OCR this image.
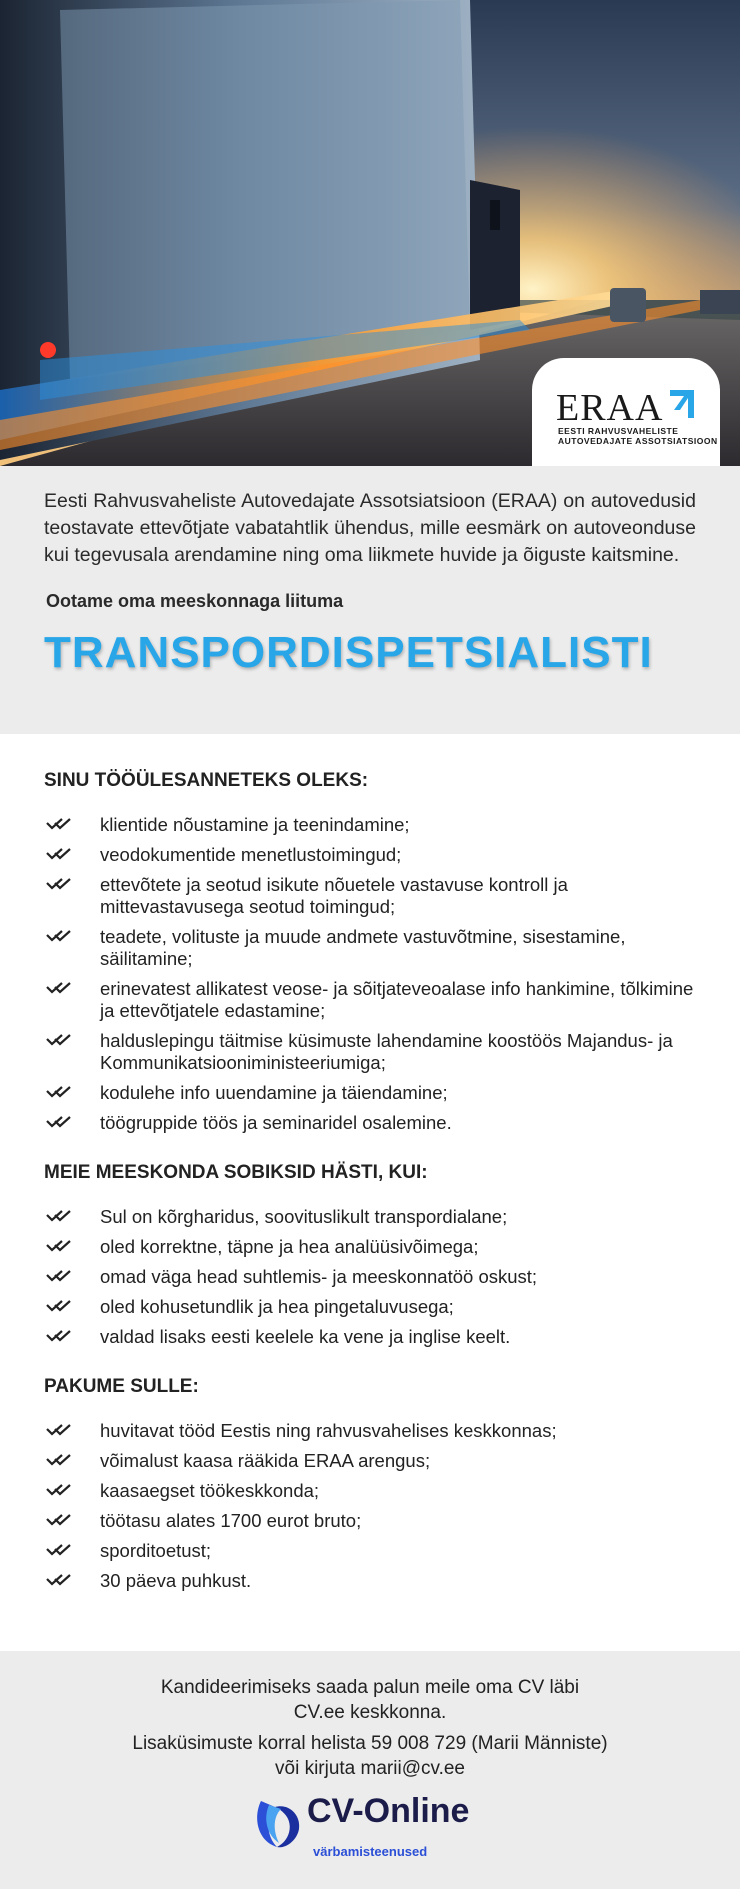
ERAA
EESTI RAHVUSVAHELISTE
AUTOVEDAJATE ASSOTSIATSIOON

Eesti Rahvusvaheliste Autovedajate Assotsiatsioon (ERAA) on autovedusid teostavate ettevõtjate vabatahtlik ühendus, mille eesmärk on autoveonduse kui tegevusala arendamine ning oma liikmete huvide ja õiguste kaitsmine.

Ootame oma meeskonnaga liituma
TRANSPORDISPETSIALISTI
SINU TÖÖÜLESANNETEKS OLEKS:
klientide nõustamine ja teenindamine;
veodokumentide menetlustoimingud;
ettevõtete ja seotud isikute nõuetele vastavuse kontroll ja mittevastavusega seotud toimingud;
teadete, volituste ja muude andmete vastuvõtmine, sisestamine, säilitamine;
erinevatest allikatest veose- ja sõitjateveoalase info hankimine, tõlkimine ja ettevõtjatele edastamine;
halduslepingu täitmise küsimuste lahendamine koostöös Majandus- ja Kommunikatsiooniministeeriumiga;
kodulehe info uuendamine ja täiendamine;
töögruppide töös ja seminaridel osalemine.
MEIE MEESKONDA SOBIKSID HÄSTI, KUI:
Sul on kõrgharidus, soovituslikult transpordialane;
oled korrektne, täpne ja hea analüüsivõimega;
omad väga head suhtlemis- ja meeskonnatöö oskust;
oled kohusetundlik ja hea pingetaluvusega;
valdad lisaks eesti keelele ka vene ja inglise keelt.
PAKUME SULLE:
huvitavat tööd Eestis ning rahvusvahelises keskkonnas;
võimalust kaasa rääkida ERAA arengus;
kaasaegset töökeskkonda;
töötasu alates 1700 eurot bruto;
sporditoetust;
30 päeva puhkust.

Kandideerimiseks saada palun meile oma CV läbi

CV.ee keskkonna.

Lisaküsimuste korral helista 59 008 729 (Marii Männiste)

või kirjuta marii@cv.ee

CV-Online
värbamisteenused
